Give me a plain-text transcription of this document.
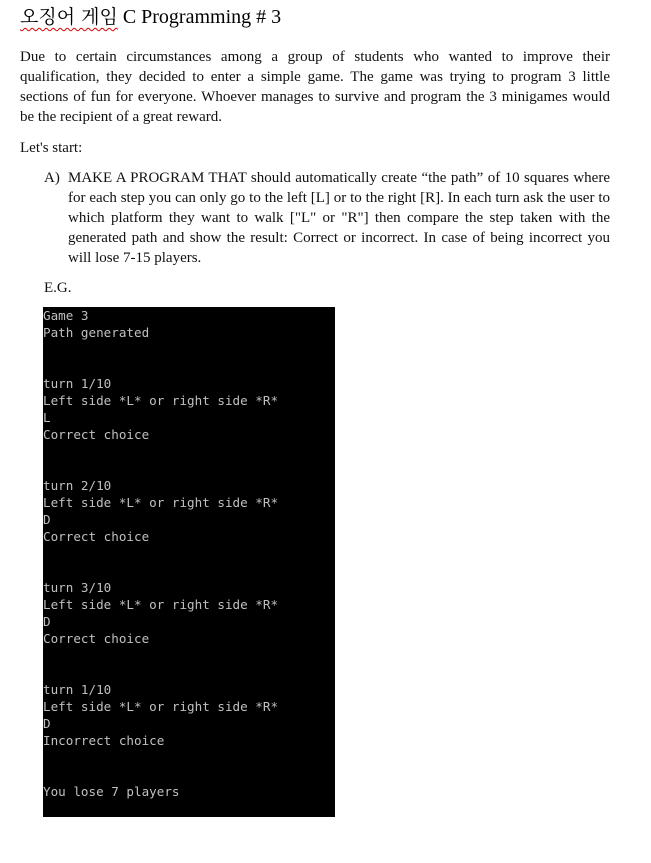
오징어 게임 C Programming # 3

Due to certain circumstances among a group of students who wanted to improve their qualification, they decided to enter a simple game. The game was trying to program 3 little sections of fun for everyone. Whoever manages to survive and program the 3 minigames would be the recipient of a great reward.

Let's start:

A) MAKE A PROGRAM THAT should automatically create “the path” of 10 squares where for each step you can only go to the left [L] or to the right [R]. In each turn ask the user to which platform they want to walk ["L" or "R"] then compare the step taken with the generated path and show the result: Correct or incorrect. In case of being incorrect you will lose 7-15 players.

E.G.
Game 3
Path generated
turn 1/10
Left side *L* or right side *R*
L
Correct choice
turn 2/10
Left side *L* or right side *R*
D
Correct choice
turn 3/10
Left side *L* or right side *R*
D
Correct choice
turn 1/10
Left side *L* or right side *R*
D
Incorrect choice
You lose 7 players
